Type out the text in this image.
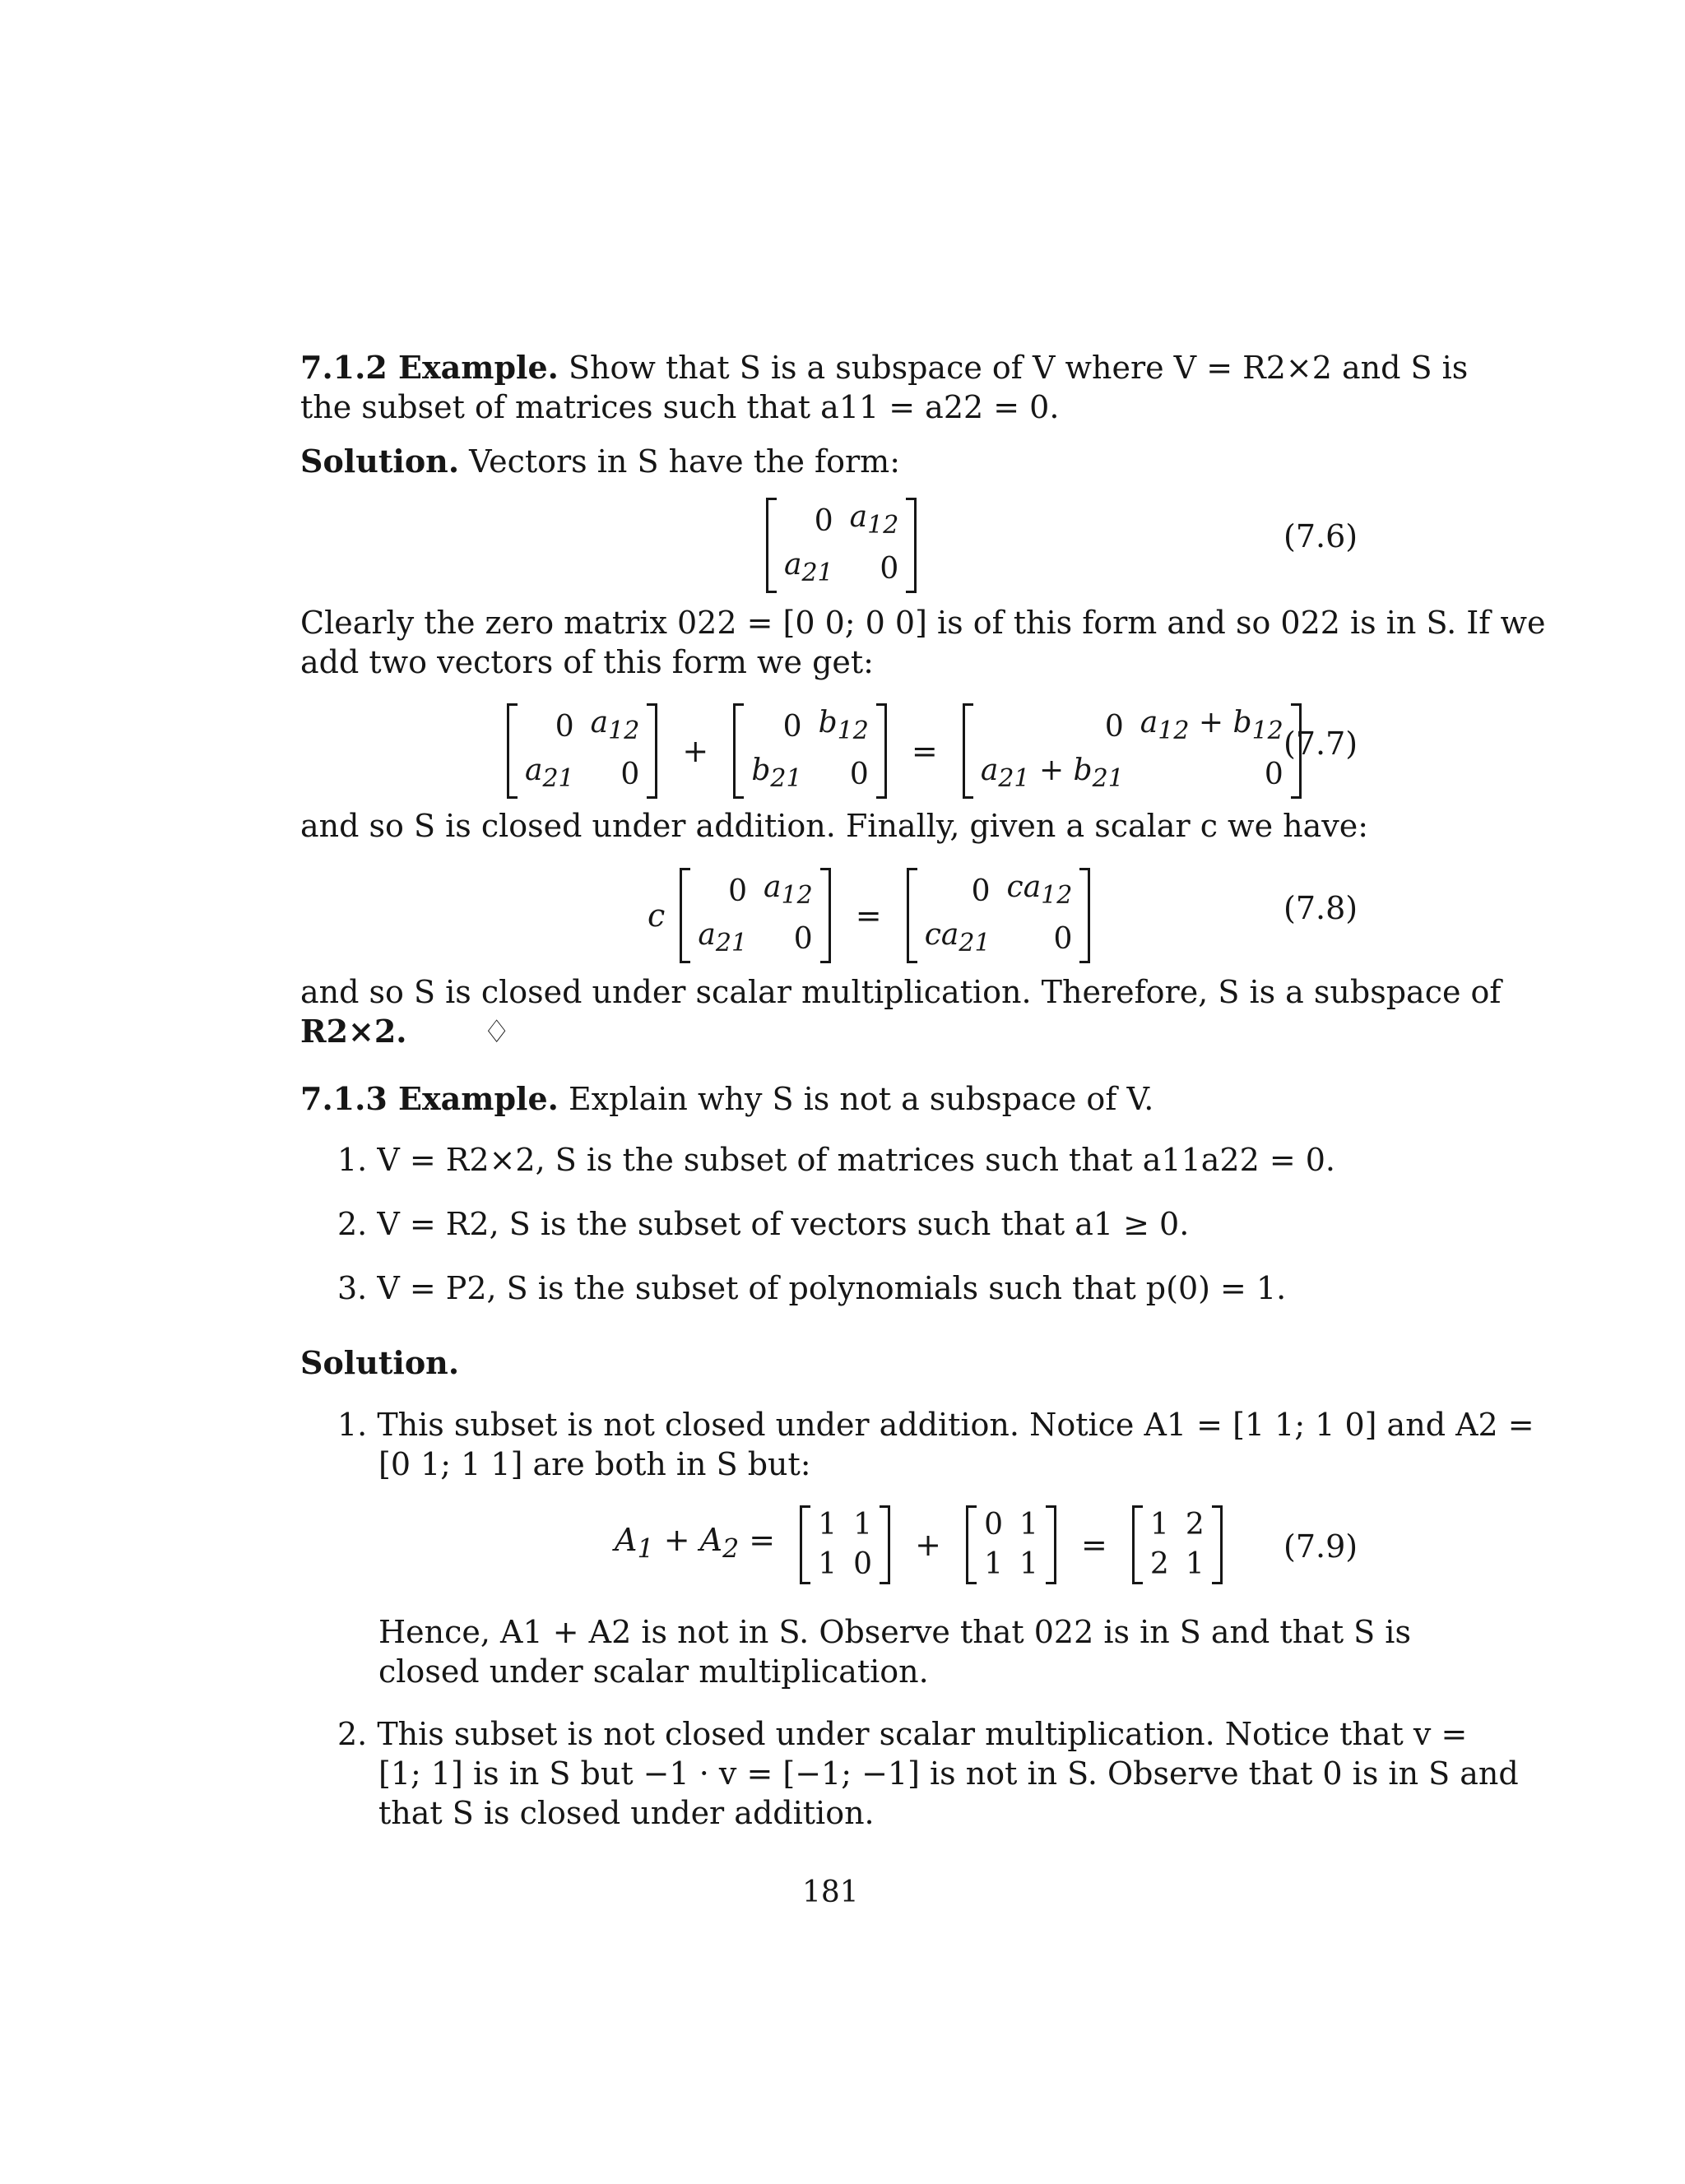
7.1.2 Example. Show that S is a subspace of V where V = R2×2 and S is
the subset of matrices such that a11 = a22 = 0.
Solution. Vectors in S have the form:
0	$a_{12}$
$a_{21}$	0
(7.6)
Clearly the zero matrix 022 = [0 0; 0 0] is of this form and so 022 is in S. If we
add two vectors of this form we get:
0	$a_{12}$
$a_{21}$	0
+
0	$b_{12}$
$b_{21}$	0
=
0	$a_{12} + b_{12}$
$a_{21} + b_{21}$	0
(7.7)
and so S is closed under addition. Finally, given a scalar c we have:
c
0	$a_{12}$
$a_{21}$	0
=
0	$ca_{12}$
$ca_{21}$	0
(7.8)
and so S is closed under scalar multiplication. Therefore, S is a subspace of
R2×2. ♢
7.1.3 Example. Explain why S is not a subspace of V.
1. V = R2×2, S is the subset of matrices such that a11a22 = 0.
2. V = R2, S is the subset of vectors such that a1 ≥ 0.
3. V = P2, S is the subset of polynomials such that p(0) = 1.
Solution.
1. This subset is not closed under addition. Notice A1 = [1 1; 1 0] and A2 =
[0 1; 1 1] are both in S but:
$A_1 + A_2 = 1$	1
1	0
+
0	1
1	1
=
1	2
2	1	(7.9)
Hence, A1 + A2 is not in S. Observe that 022 is in S and that S is
closed under scalar multiplication.
2. This subset is not closed under scalar multiplication. Notice that v =
[1; 1] is in S but −1 · v = [−1; −1] is not in S. Observe that 0 is in S and
that S is closed under addition.
181
